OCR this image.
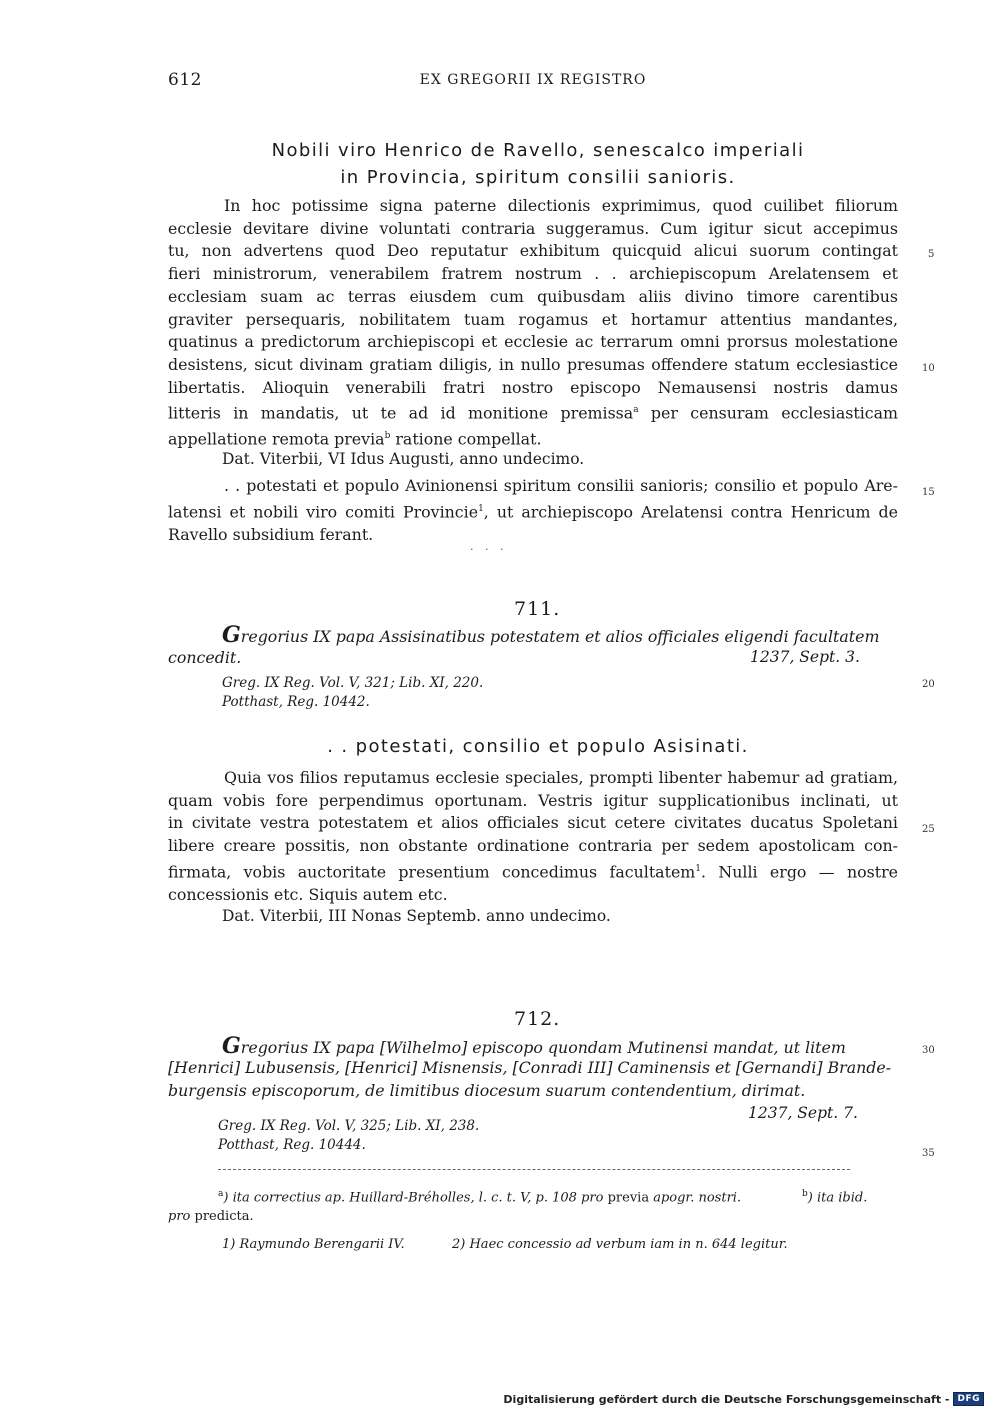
612	EX GREGORII IX REGISTRO
Nobili viro Henrico de Ravello, senescalco imperiali
in Provincia, spiritum consilii sanioris.
In hoc potissime signa paterne dilectionis exprimimus, quod cuilibet filiorum
ecclesie devitare divine voluntati contraria suggeramus. Cum igitur sicut accepimus
tu, non advertens quod Deo reputatur exhibitum quicquid alicui suorum contingat
fieri ministrorum, venerabilem fratrem nostrum . . archiepiscopum Arelatensem et
ecclesiam suam ac terras eiusdem cum quibusdam aliis divino timore carentibus
graviter persequaris, nobilitatem tuam rogamus et hortamur attentius mandantes,
quatinus a predictorum archiepiscopi et ecclesie ac terrarum omni prorsus molestatione
desistens, sicut divinam gratiam diligis, in nullo presumas offendere statum ecclesiastice
libertatis. Alioquin venerabili fratri nostro episcopo Nemausensi nostris damus
litteris in mandatis, ut te ad id monitione premissa$^a$ per censuram ecclesiasticam
appellatione remota previa$^b$ ratione compellat.
Dat. Viterbii, VI Idus Augusti, anno undecimo.
. . potestati et populo Avinionensi spiritum consilii sanioris; consilio et populo Are-
latensi et nobili viro comiti Provincie$^1$, ut archiepiscopo Arelatensi contra Henricum de
Ravello subsidium ferant.
. . .
711.
Gregorius IX papa Assisinatibus potestatem et alios officiales eligendi facultatem
concedit.	1237, Sept. 3.
Greg. IX Reg. Vol. V, 321; Lib. XI, 220.
Potthast, Reg. 10442.
. . potestati, consilio et populo Asisinati.
Quia vos filios reputamus ecclesie speciales, prompti libenter habemur ad gratiam,
quam vobis fore perpendimus oportunam. Vestris igitur supplicationibus inclinati, ut
in civitate vestra potestatem et alios officiales sicut cetere civitates ducatus Spoletani
libere creare possitis, non obstante ordinatione contraria per sedem apostolicam con-
firmata, vobis auctoritate presentium concedimus facultatem$^1$. Nulli ergo — nostre
concessionis etc. Siquis autem etc.
Dat. Viterbii, III Nonas Septemb. anno undecimo.
712.
Gregorius IX papa [Wilhelmo] episcopo quondam Mutinensi mandat, ut litem
[Henrici] Lubusensis, [Henrici] Misnensis, [Conradi III] Caminensis et [Gernandi] Brande-
burgensis episcoporum, de limitibus diocesum suarum contendentium, dirimat.
1237, Sept. 7.
Greg. IX Reg. Vol. V, 325; Lib. XI, 238.
Potthast, Reg. 10444.
5
10
15
20
25
30
35
$^a$) ita correctius ap. Huillard-Bréholles, l. c. t. V, p. 108 pro previa apogr. nostri.	$^b$) ita ibid.
pro predicta.
1) Raymundo Berengarii IV.	2) Haec concessio ad verbum iam in n. 644 legitur.
Digitalisierung gefördert durch die Deutsche Forschungsgemeinschaft - DFG
